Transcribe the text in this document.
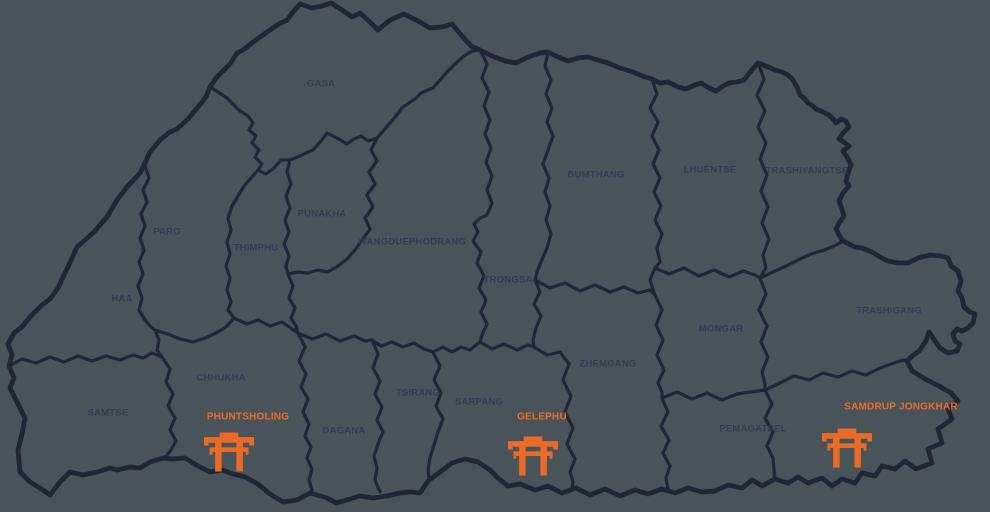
GASA
PUNAKHA
PARO
THIMPHU
WANGDUEPHODRANG
TRONGSA
BUMTHANG	LHUENTSE	TRASHIYANGTSE
TRASHIGANG
MONGAR
ZHEMGANG
HAA
SAMTSE
CHHUKHA
DAGANA
TSIRANG
SARPANG
PEMAGATSEL
PHUNTSHOLING	GELEPHU
SAMDRUP JONGKHAR
